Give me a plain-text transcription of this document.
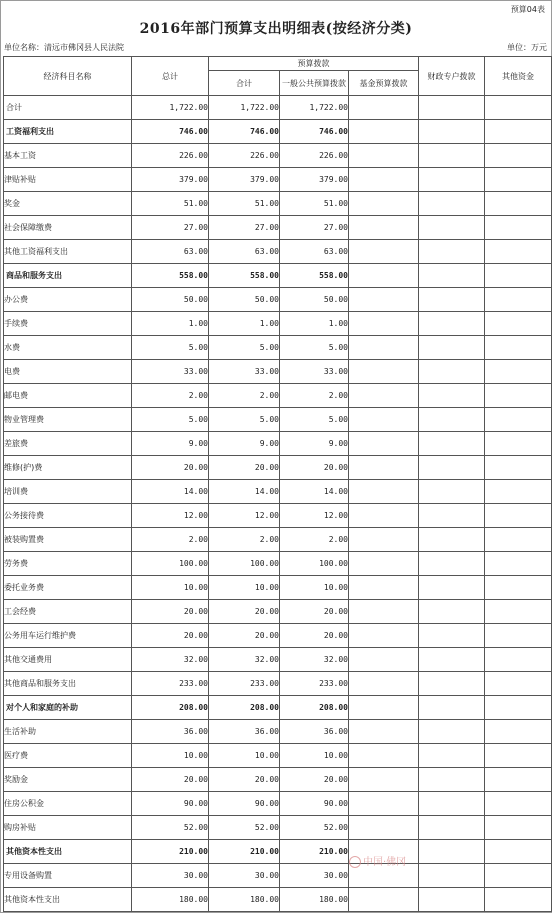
预算04表
2016年部门预算支出明细表(按经济分类)
单位名称：清远市佛冈县人民法院	单位：万元
经济科目名称	总计	预算拨款			财政专户拨款	其他资金
		合计	一般公共预算拨款	基金预算拨款		
合计	1,722.00	1,722.00	1,722.00			
工资福利支出	746.00	746.00	746.00			
基本工资	226.00	226.00	226.00			
津贴补贴	379.00	379.00	379.00			
奖金	51.00	51.00	51.00			
社会保障缴费	27.00	27.00	27.00			
其他工资福利支出	63.00	63.00	63.00			
商品和服务支出	558.00	558.00	558.00			
办公费	50.00	50.00	50.00			
手续费	1.00	1.00	1.00			
水费	5.00	5.00	5.00			
电费	33.00	33.00	33.00			
邮电费	2.00	2.00	2.00			
物业管理费	5.00	5.00	5.00			
差旅费	9.00	9.00	9.00			
维修(护)费	20.00	20.00	20.00			
培训费	14.00	14.00	14.00			
公务接待费	12.00	12.00	12.00			
被装购置费	2.00	2.00	2.00			
劳务费	100.00	100.00	100.00			
委托业务费	10.00	10.00	10.00			
工会经费	20.00	20.00	20.00			
公务用车运行维护费	20.00	20.00	20.00			
其他交通费用	32.00	32.00	32.00			
其他商品和服务支出	233.00	233.00	233.00			
对个人和家庭的补助	208.00	208.00	208.00			
生活补助	36.00	36.00	36.00			
医疗费	10.00	10.00	10.00			
奖励金	20.00	20.00	20.00			
住房公积金	90.00	90.00	90.00			
购房补贴	52.00	52.00	52.00			
其他资本性支出	210.00	210.00	210.00			
专用设备购置	30.00	30.00	30.00			
其他资本性支出	180.00	180.00	180.00			
中国·佛冈
